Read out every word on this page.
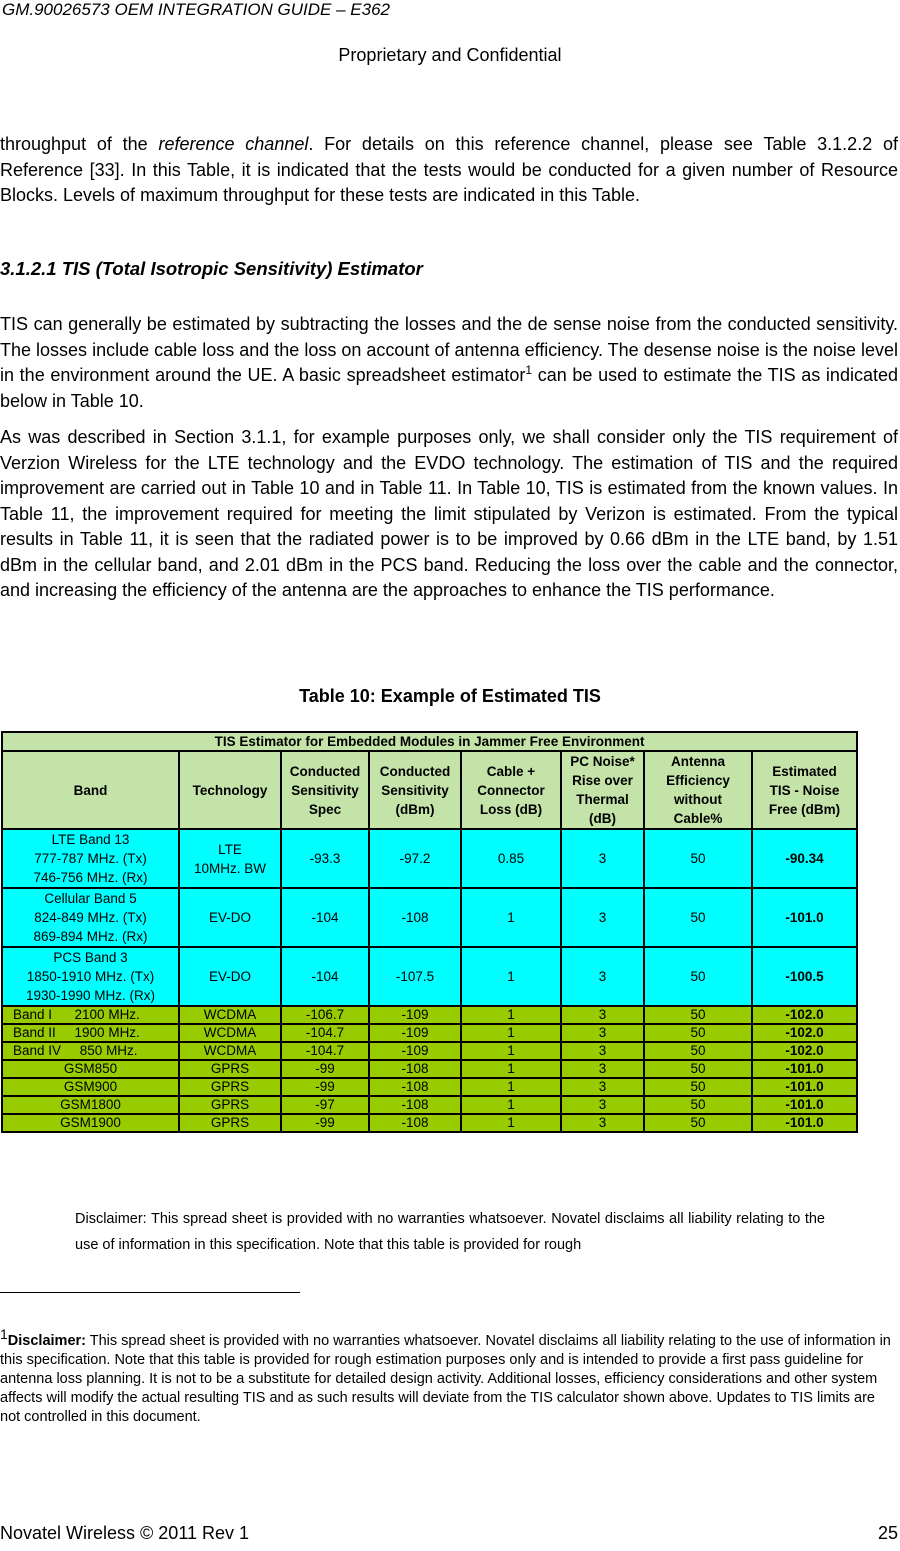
GM.90026573 OEM INTEGRATION GUIDE – E362
Proprietary and Confidential
throughput of the reference channel. For details on this reference channel, please see Table 3.1.2.2 of Reference [33]. In this Table, it is indicated that the tests would be conducted for a given number of Resource Blocks. Levels of maximum throughput for these tests are indicated in this Table.
3.1.2.1 TIS (Total Isotropic Sensitivity) Estimator
TIS can generally be estimated by subtracting the losses and the de sense noise from the conducted sensitivity. The losses include cable loss and the loss on account of antenna efficiency. The desense noise is the noise level in the environment around the UE. A basic spreadsheet estimator$^1$ can be used to estimate the TIS as indicated below in Table 10.
As was described in Section 3.1.1, for example purposes only, we shall consider only the TIS requirement of Verzion Wireless for the LTE technology and the EVDO technology. The estimation of TIS and the required improvement are carried out in Table 10 and in Table 11. In Table 10, TIS is estimated from the known values. In Table 11, the improvement required for meeting the limit stipulated by Verizon is estimated. From the typical results in Table 11, it is seen that the radiated power is to be improved by 0.66 dBm in the LTE band, by 1.51 dBm in the cellular band, and 2.01 dBm in the PCS band. Reducing the loss over the cable and the connector, and increasing the efficiency of the antenna are the approaches to enhance the TIS performance.
Table 10: Example of Estimated TIS
TIS Estimator for Embedded Modules in Jammer Free Environment							
Band	Technology	Conducted
Sensitivity
Spec	Conducted
Sensitivity
(dBm)	Cable +
Connector
Loss (dB)	PC Noise*
Rise over
Thermal
(dB)	Antenna
Efficiency
without
Cable%	Estimated
TIS - Noise
Free (dBm)
LTE Band 13
777-787 MHz. (Tx)
746-756 MHz. (Rx)	LTE
10MHz. BW	-93.3	-97.2	0.85	3	50	-90.34
Cellular Band 5
824-849 MHz. (Tx)
869-894 MHz. (Rx)	EV-DO	-104	-108	1	3	50	-101.0
PCS Band 3
1850-1910 MHz. (Tx)
1930-1990 MHz. (Rx)	EV-DO	-104	-107.5	1	3	50	-100.5
Band I      2100 MHz.	WCDMA	-106.7	-109	1	3	50	-102.0
Band II     1900 MHz.	WCDMA	-104.7	-109	1	3	50	-102.0
Band IV     850 MHz.	WCDMA	-104.7	-109	1	3	50	-102.0
GSM850	GPRS	-99	-108	1	3	50	-101.0
GSM900	GPRS	-99	-108	1	3	50	-101.0
GSM1800	GPRS	-97	-108	1	3	50	-101.0
GSM1900	GPRS	-99	-108	1	3	50	-101.0
Disclaimer: This spread sheet is provided with no warranties whatsoever. Novatel disclaims all liability relating to the use of information in this specification. Note that this table is provided for rough
$^1$Disclaimer: This spread sheet is provided with no warranties whatsoever. Novatel disclaims all liability relating to the use of information in this specification. Note that this table is provided for rough estimation purposes only and is intended to provide a first pass guideline for antenna loss planning. It is not to be a substitute for detailed design activity. Additional losses, efficiency considerations and other system affects will modify the actual resulting TIS and as such results will deviate from the TIS calculator shown above. Updates to TIS limits are not controlled in this document.
Novatel Wireless © 2011 Rev 1	25
